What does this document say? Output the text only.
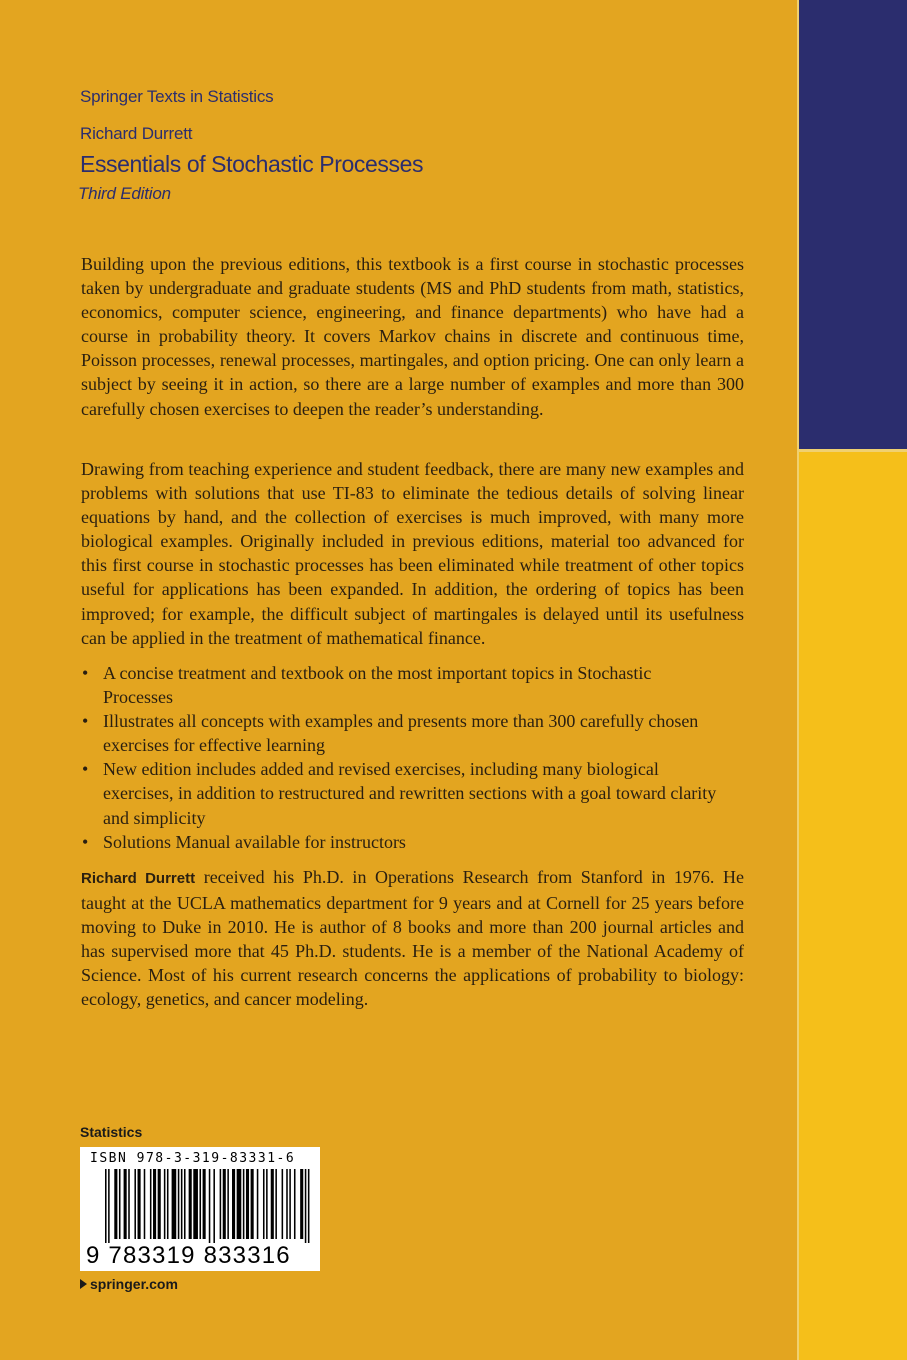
Springer Texts in Statistics
Richard Durrett
Essentials of Stochastic Processes
Third Edition

Building upon the previous editions, this textbook is a first course in stochastic processes taken by undergraduate and graduate students (MS and PhD students from math, statistics, economics, computer science, engineering, and finance departments) who have had a course in probability theory. It covers Markov chains in discrete and continuous time, Poisson processes, renewal processes, martingales, and option pricing. One can only learn a subject by seeing it in action, so there are a large number of examples and more than 300 carefully chosen exercises to deepen the reader’s understanding.

Drawing from teaching experience and student feedback, there are many new examples and problems with solutions that use TI-83 to eliminate the tedious details of solving linear equations by hand, and the collection of exercises is much improved, with many more biological examples. Originally included in previous editions, material too advanced for this first course in stochastic processes has been eliminated while treatment of other topics useful for applications has been expanded. In addition, the ordering of topics has been improved; for example, the difficult subject of martingales is delayed until its usefulness can be applied in the treatment of mathematical finance.

• A concise treatment and textbook on the most important topics in Stochastic Processes
• Illustrates all concepts with examples and presents more than 300 carefully chosen exercises for effective learning
• New edition includes added and revised exercises, including many biological exercises, in addition to restructured and rewritten sections with a goal toward clarity and simplicity
• Solutions Manual available for instructors

Richard Durrett received his Ph.D. in Operations Research from Stanford in 1976. He taught at the UCLA mathematics department for 9 years and at Cornell for 25 years before moving to Duke in 2010. He is author of 8 books and more than 200 journal articles and has supervised more that 45 Ph.D. students. He is a member of the National Academy of Science. Most of his current research concerns the applications of probability to biology: ecology, genetics, and cancer modeling.

Statistics
ISBN 978-3-319-83331-6
9 783319 833316
springer.com
